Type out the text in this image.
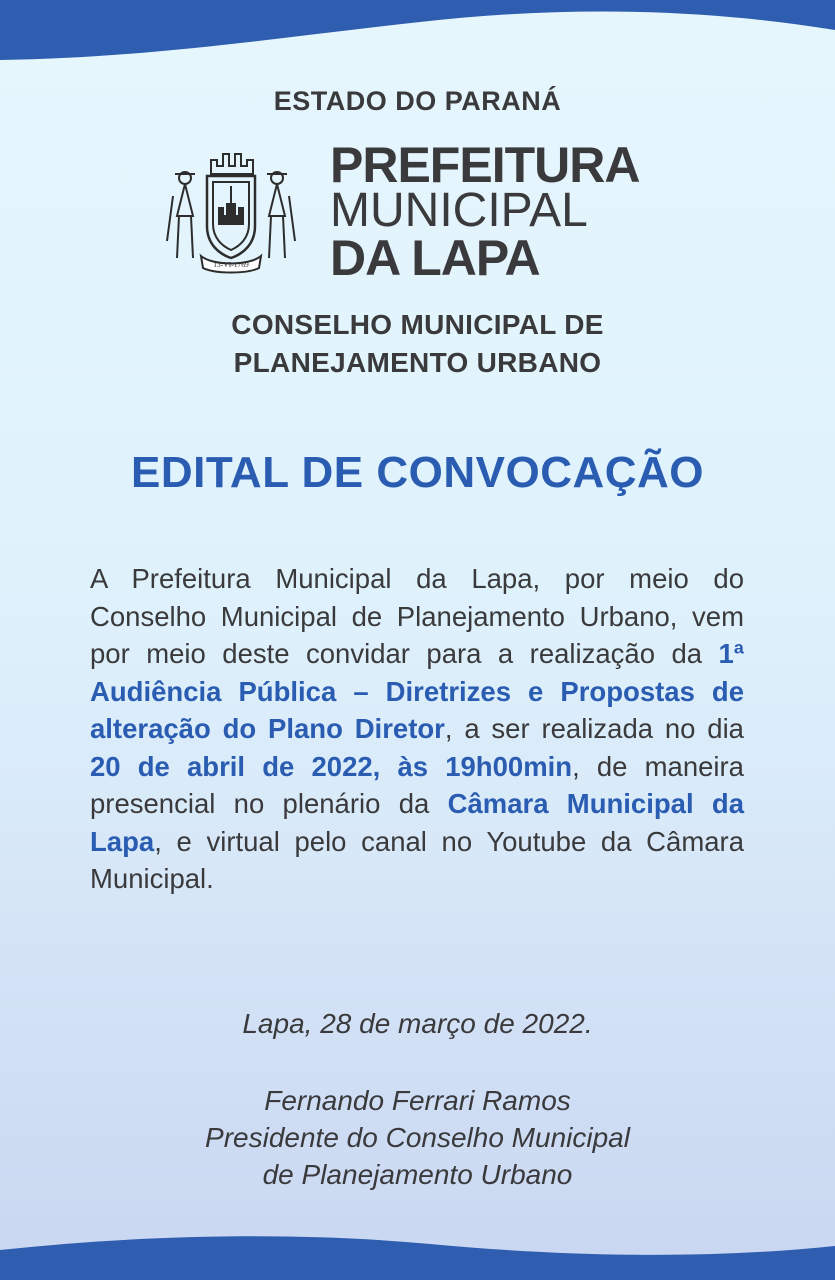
ESTADO DO PARANÁ
13-VI-1769
PREFEITURA
MUNICIPAL
DA LAPA
CONSELHO MUNICIPAL DE
PLANEJAMENTO URBANO
EDITAL DE CONVOCAÇÃO
A Prefeitura Municipal da Lapa, por meio do Conselho Municipal de Planejamento Urbano, vem por meio deste convidar para a realização da 1ª Audiência Pública – Diretrizes e Propostas de alteração do Plano Diretor, a ser realizada no dia 20 de abril de 2022, às 19h00min, de maneira presencial no plenário da Câmara Municipal da Lapa, e virtual pelo canal no Youtube da Câmara Municipal.
Lapa, 28 de março de 2022.
Fernando Ferrari Ramos
Presidente do Conselho Municipal
de Planejamento Urbano
